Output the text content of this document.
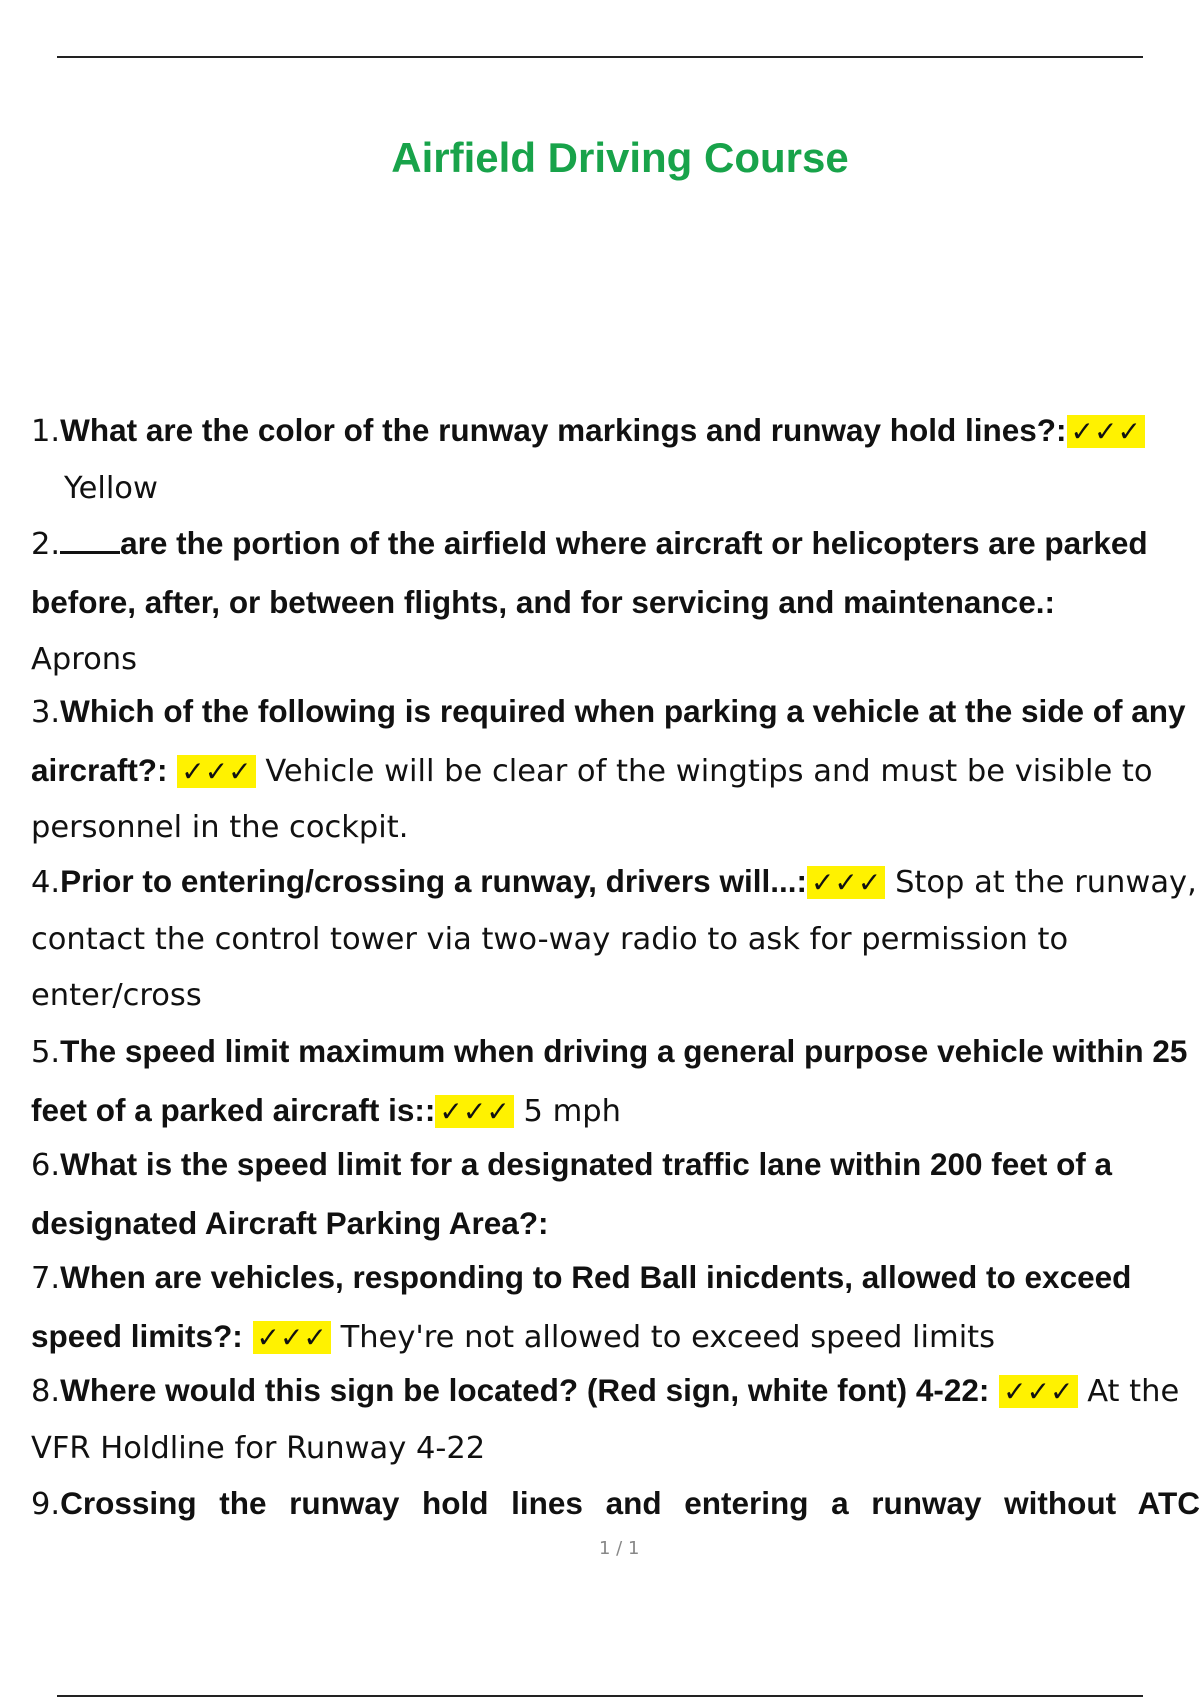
Airfield Driving Course
1.What are the color of the runway markings and runway hold lines?: ✓✓✓
Yellow
2. are the portion of the airfield where aircraft or helicopters are parked before, after, or between flights, and for servicing and maintenance.:
Aprons
3.Which of the following is required when parking a vehicle at the side of any aircraft?: ✓✓✓ Vehicle will be clear of the wingtips and must be visible to personnel in the cockpit.
4.Prior to entering/crossing a runway, drivers will...: ✓✓✓ Stop at the runway, contact the control tower via two-way radio to ask for permission to enter/cross
5.The speed limit maximum when driving a general purpose vehicle within 25 feet of a parked aircraft is:: ✓✓✓ 5 mph
6.What is the speed limit for a designated traffic lane within 200 feet of a designated Aircraft Parking Area?:
7.When are vehicles, responding to Red Ball inicdents, allowed to exceed speed limits?: ✓✓✓ They're not allowed to exceed speed limits
8.Where would this sign be located? (Red sign, white font) 4-22: ✓✓✓ At the VFR Holdline for Runway 4-22
9.Crossing the runway hold lines and entering a runway without ATC

1 / 1
